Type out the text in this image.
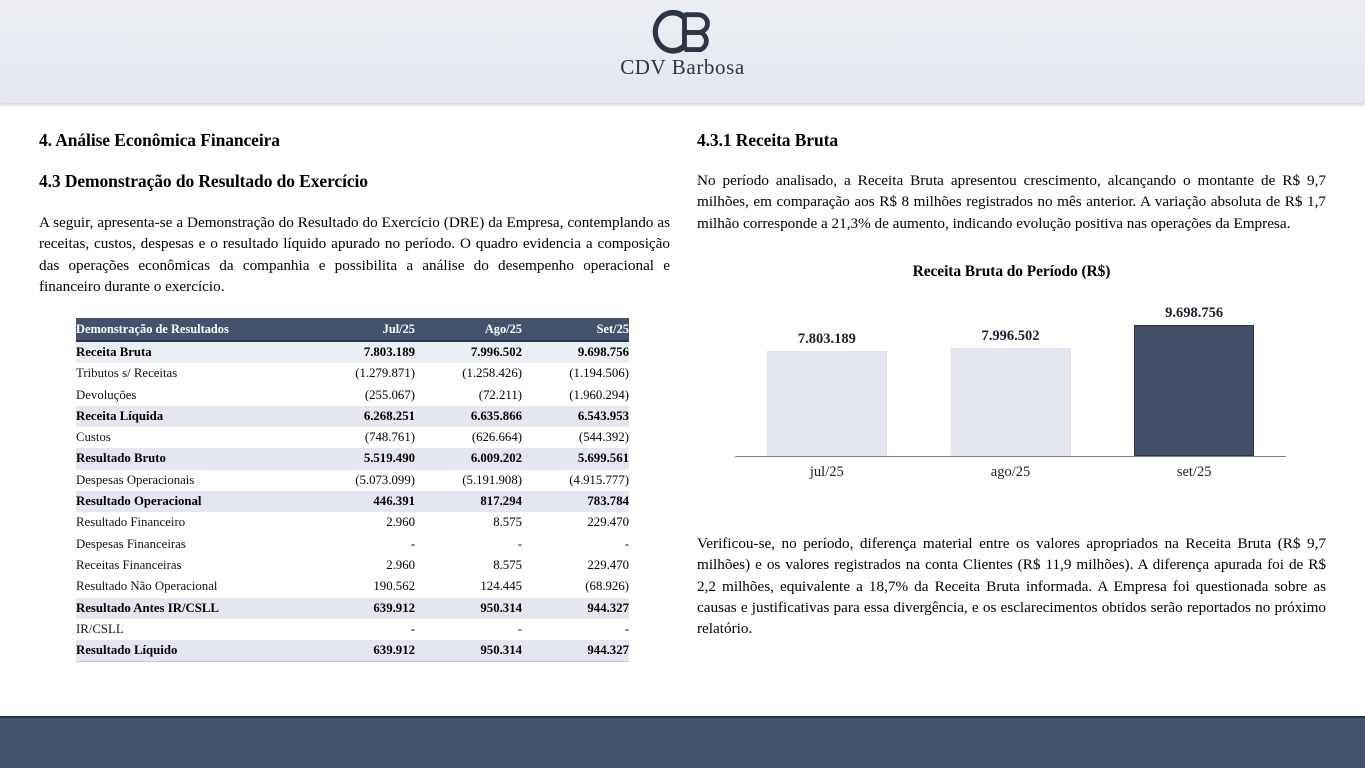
CDV Barbosa
4. Análise Econômica Financeira
4.3 Demonstração do Resultado do Exercício

A seguir, apresenta-se a Demonstração do Resultado do Exercício (DRE) da Empresa, contemplando as receitas, custos, despesas e o resultado líquido apurado no período. O quadro evidencia a composição das operações econômicas da companhia e possibilita a análise do desempenho operacional e financeiro durante o exercício.

Demonstração de Resultados	Jul/25	Ago/25	Set/25
Receita Bruta	7.803.189	7.996.502	9.698.756
Tributos s/ Receitas	(1.279.871)	(1.258.426)	(1.194.506)
Devoluções	(255.067)	(72.211)	(1.960.294)
Receita Líquida	6.268.251	6.635.866	6.543.953
Custos	(748.761)	(626.664)	(544.392)
Resultado Bruto	5.519.490	6.009.202	5.699.561
Despesas Operacionais	(5.073.099)	(5.191.908)	(4.915.777)
Resultado Operacional	446.391	817.294	783.784
Resultado Financeiro	2.960	8.575	229.470
Despesas Financeiras	-	-	-
Receitas Financeiras	2.960	8.575	229.470
Resultado Não Operacional	190.562	124.445	(68.926)
Resultado Antes IR/CSLL	639.912	950.314	944.327
IR/CSLL	-	-	-
Resultado Líquido	639.912	950.314	944.327
4.3.1 Receita Bruta

No período analisado, a Receita Bruta apresentou crescimento, alcançando o montante de R$ 9,7 milhões, em comparação aos R$ 8 milhões registrados no mês anterior. A variação absoluta de R$ 1,7 milhão corresponde a 21,3% de aumento, indicando evolução positiva nas operações da Empresa.

Receita Bruta do Período (R$)
7.803.189
jul/25
7.996.502
ago/25
9.698.756
set/25

Verificou-se, no período, diferença material entre os valores apropriados na Receita Bruta (R$ 9,7 milhões) e os valores registrados na conta Clientes (R$ 11,9 milhões). A diferença apurada foi de R$ 2,2 milhões, equivalente a 18,7% da Receita Bruta informada. A Empresa foi questionada sobre as causas e justificativas para essa divergência, e os esclarecimentos obtidos serão reportados no próximo relatório.
